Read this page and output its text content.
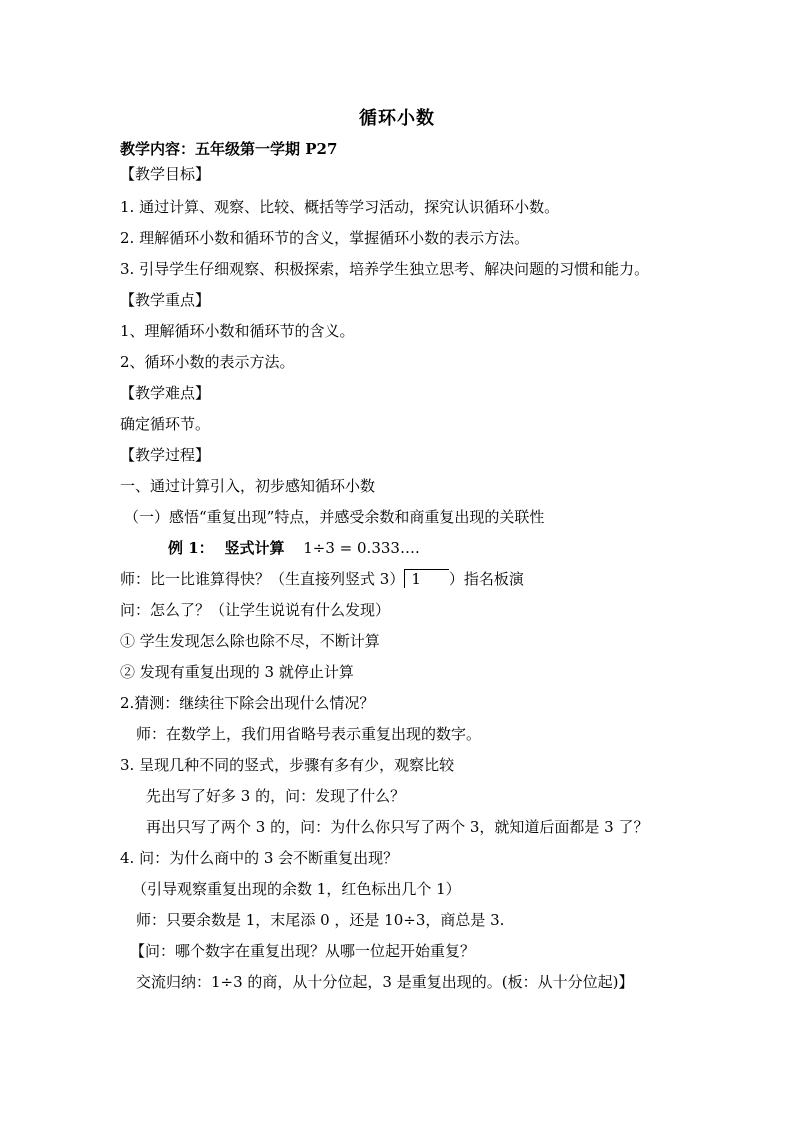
循环小数
教学内容：五年级第一学期 P27
【教学目标】
1. 通过计算、观察、比较、概括等学习活动，探究认识循环小数。
2. 理解循环小数和循环节的含义，掌握循环小数的表示方法。
3. 引导学生仔细观察、积极探索，培养学生独立思考、解决问题的习惯和能力。
【教学重点】
1、理解循环小数和循环节的含义。
2、循环小数的表示方法。
【教学难点】
确定循环节。
【教学过程】
一、通过计算引入，初步感知循环小数
（一）感悟“重复出现”特点，并感受余数和商重复出现的关联性
例 1： 竖式计算 1÷3 = 0.333….
师：比一比谁算得快？（生直接列竖式 3） 1 ）指名板演
问：怎么了？（让学生说说有什么发现）
① 学生发现怎么除也除不尽，不断计算
② 发现有重复出现的 3 就停止计算
2.猜测：继续往下除会出现什么情况？
师：在数学上，我们用省略号表示重复出现的数字。
3. 呈现几种不同的竖式，步骤有多有少，观察比较
先出写了好多 3 的，问：发现了什么？
再出只写了两个 3 的，问：为什么你只写了两个 3，就知道后面都是 3 了？
4. 问：为什么商中的 3 会不断重复出现？
（引导观察重复出现的余数 1，红色标出几个 1）
师：只要余数是 1，末尾添 0 ，还是 10÷3，商总是 3.
【问：哪个数字在重复出现？从哪一位起开始重复？
交流归纳：1÷3 的商，从十分位起，3 是重复出现的。(板：从十分位起)】
